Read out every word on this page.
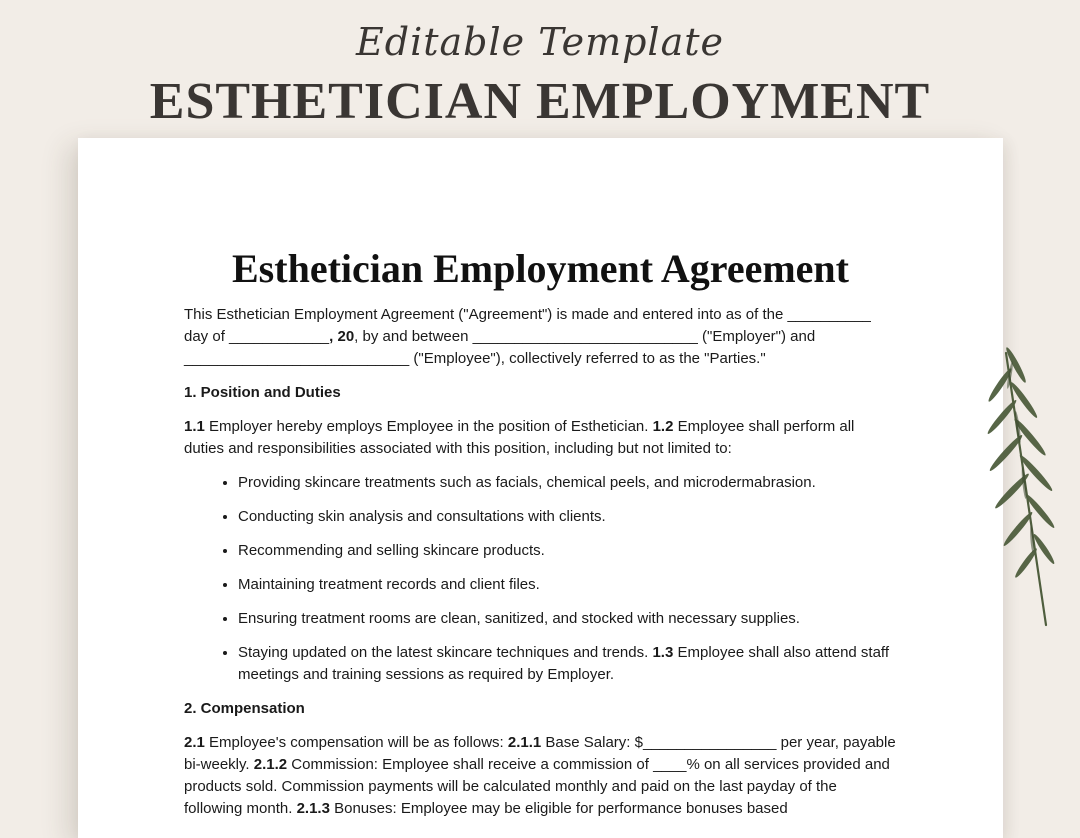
Editable Template
ESTHETICIAN EMPLOYMENT
Esthetician Employment Agreement

This Esthetician Employment Agreement ("Agreement") is made and entered into as of the __________ day of ____________, 20, by and between ___________________________ ("Employer") and ___________________________ ("Employee"), collectively referred to as the "Parties."

1. Position and Duties

1.1 Employer hereby employs Employee in the position of Esthetician. 1.2 Employee shall perform all duties and responsibilities associated with this position, including but not limited to:

• Providing skincare treatments such as facials, chemical peels, and microdermabrasion.
• Conducting skin analysis and consultations with clients.
• Recommending and selling skincare products.
• Maintaining treatment records and client files.
• Ensuring treatment rooms are clean, sanitized, and stocked with necessary supplies.
• Staying updated on the latest skincare techniques and trends. 1.3 Employee shall also attend staff meetings and training sessions as required by Employer.

2. Compensation

2.1 Employee's compensation will be as follows: 2.1.1 Base Salary: $________________ per year, payable bi-weekly. 2.1.2 Commission: Employee shall receive a commission of ____% on all services provided and products sold. Commission payments will be calculated monthly and paid on the last payday of the following month. 2.1.3 Bonuses: Employee may be eligible for performance bonuses based
